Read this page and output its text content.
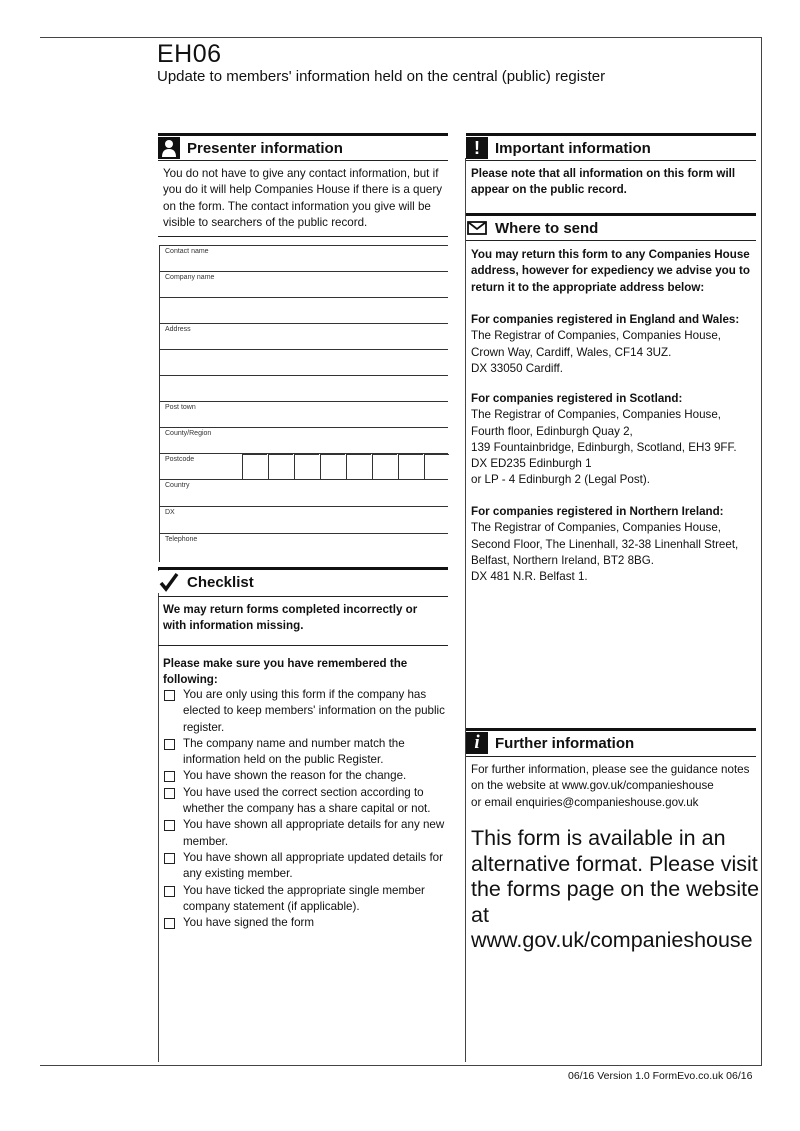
EH06
Update to members' information held on the central (public) register
Presenter information
You do not have to give any contact information, but if you do it will help Companies House if there is a query on the form. The contact information you give will be visible to searchers of the public record.
Contact name
Company name
Address
Post town
County/Region
Postcode
Country
DX
Telephone
Checklist
We may return forms completed incorrectly or with information missing.
Please make sure you have remembered the following:
You are only using this form if the company has elected to keep members' information on the public register.
The company name and number match the information held on the public Register.
You have shown the reason for the change.
You have used the correct section according to whether the company has a share capital or not.
You have shown all appropriate details for any new member.
You have shown all appropriate updated details for any existing member.
You have ticked the appropriate single member company statement (if applicable).
You have signed the form
!	Important information
Please note that all information on this form will appear on the public record.
Where to send
You may return this form to any Companies House address, however for expediency we advise you to return it to the appropriate address below:
For companies registered in England and Wales:
The Registrar of Companies, Companies House,
Crown Way, Cardiff, Wales, CF14 3UZ.
DX 33050 Cardiff.
For companies registered in Scotland:
The Registrar of Companies, Companies House,
Fourth floor, Edinburgh Quay 2,
139 Fountainbridge, Edinburgh, Scotland, EH3 9FF.
DX ED235 Edinburgh 1
or LP - 4 Edinburgh 2 (Legal Post).
For companies registered in Northern Ireland:
The Registrar of Companies, Companies House,
Second Floor, The Linenhall, 32-38 Linenhall Street,
Belfast, Northern Ireland, BT2 8BG.
DX 481 N.R. Belfast 1.
i	Further information
For further information, please see the guidance notes
on the website at www.gov.uk/companieshouse
or email enquiries@companieshouse.gov.uk
This form is available in an alternative format. Please visit the forms page on the website at www.gov.uk/companieshouse
06/16 Version 1.0 FormEvo.co.uk 06/16
